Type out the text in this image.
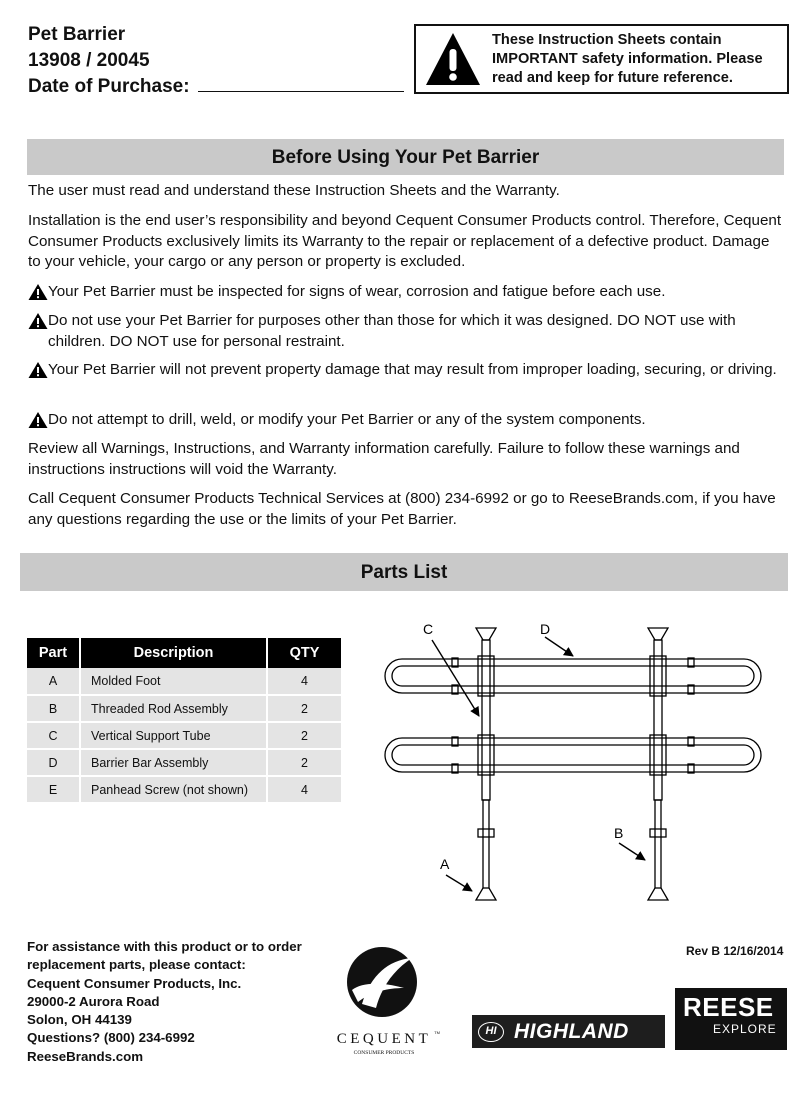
Pet Barrier
13908 / 20045
Date of Purchase:
These Instruction Sheets contain IMPORTANT safety information. Please read and keep for future reference.
Before Using Your Pet Barrier
The user must read and understand these Instruction Sheets and the Warranty.
Installation is the end user’s responsibility and beyond Cequent Consumer Products control. Therefore, Cequent Consumer Products exclusively limits its Warranty to the repair or replacement of a defective product. Damage to your vehicle, your cargo or any person or property is excluded.
Your Pet Barrier must be inspected for signs of wear, corrosion and fatigue before each use.
Do not use your Pet Barrier for purposes other than those for which it was designed. DO NOT use with children. DO NOT use for personal restraint.
Your Pet Barrier will not prevent property damage that may result from improper loading, securing, or driving.
Do not attempt to drill, weld, or modify your Pet Barrier or any of the system components.
Review all Warnings, Instructions, and Warranty information carefully. Failure to follow these warnings and instructions instructions will void the Warranty.
Call Cequent Consumer Products Technical Services at (800) 234-6992 or go to ReeseBrands.com, if you have any questions regarding the use or the limits of your Pet Barrier.
Parts List
Part	Description	QTY
A	Molded Foot	4
B	Threaded Rod Assembly	2
C	Vertical Support Tube	2
D	Barrier Bar Assembly	2
E	Panhead Screw (not shown)	4
C	D
B
A
For assistance with this product or to order
replacement parts, please contact:
Cequent Consumer Products, Inc.
29000-2 Aurora Road
Solon, OH 44139
Questions? (800) 234-6992
ReeseBrands.com
Rev B 12/16/2014
CEQUENT TM
CONSUMER PRODUCTS
HI HIGHLAND
REESE
EXPLORE
